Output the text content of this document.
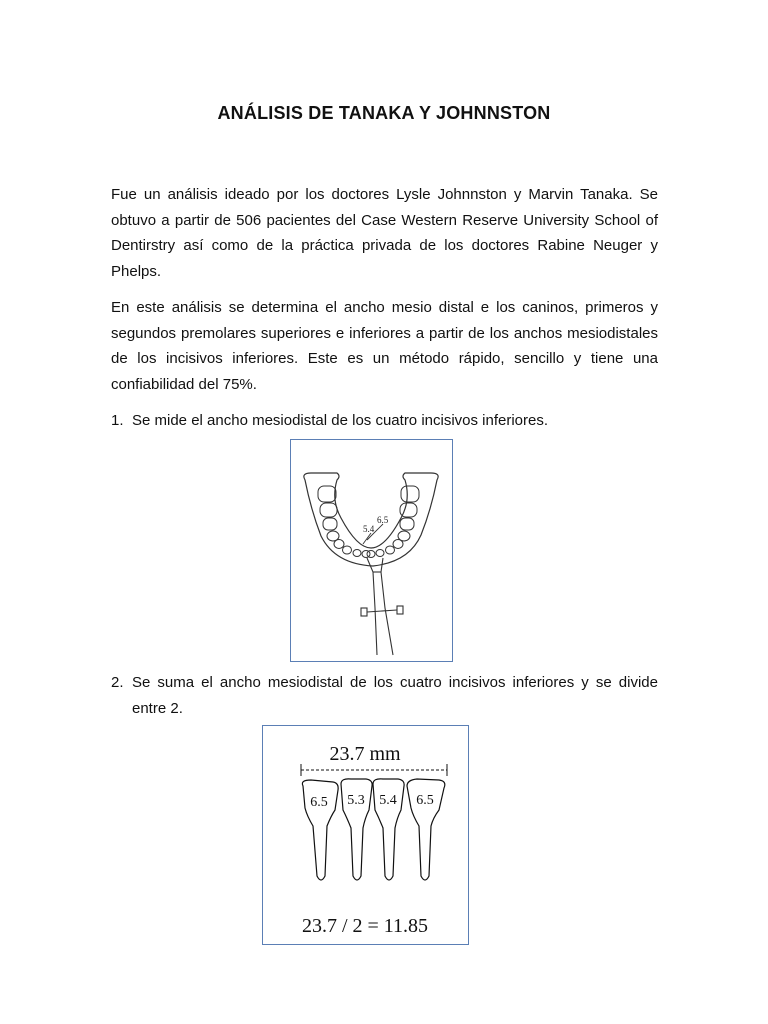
ANÁLISIS DE TANAKA Y JOHNNSTON
Fue un análisis ideado por los doctores Lysle Johnnston y Marvin Tanaka. Se obtuvo a partir de 506 pacientes del Case Western Reserve University School of Dentirstry así como de la práctica privada de los doctores Rabine Neuger y Phelps.
En este análisis se determina el ancho mesio distal e los caninos, primeros y segundos premolares superiores e inferiores a partir de los anchos mesiodistales de los incisivos inferiores. Este es un método rápido, sencillo y tiene una confiabilidad del 75%.
1. Se mide el ancho mesiodistal de los cuatro incisivos inferiores.
6.5
5.4
2. Se suma el ancho mesiodistal de los cuatro incisivos inferiores y se divide entre 2.
23.7 mm
6.5 5.3 5.4 6.5
23.7 / 2 = 11.85
